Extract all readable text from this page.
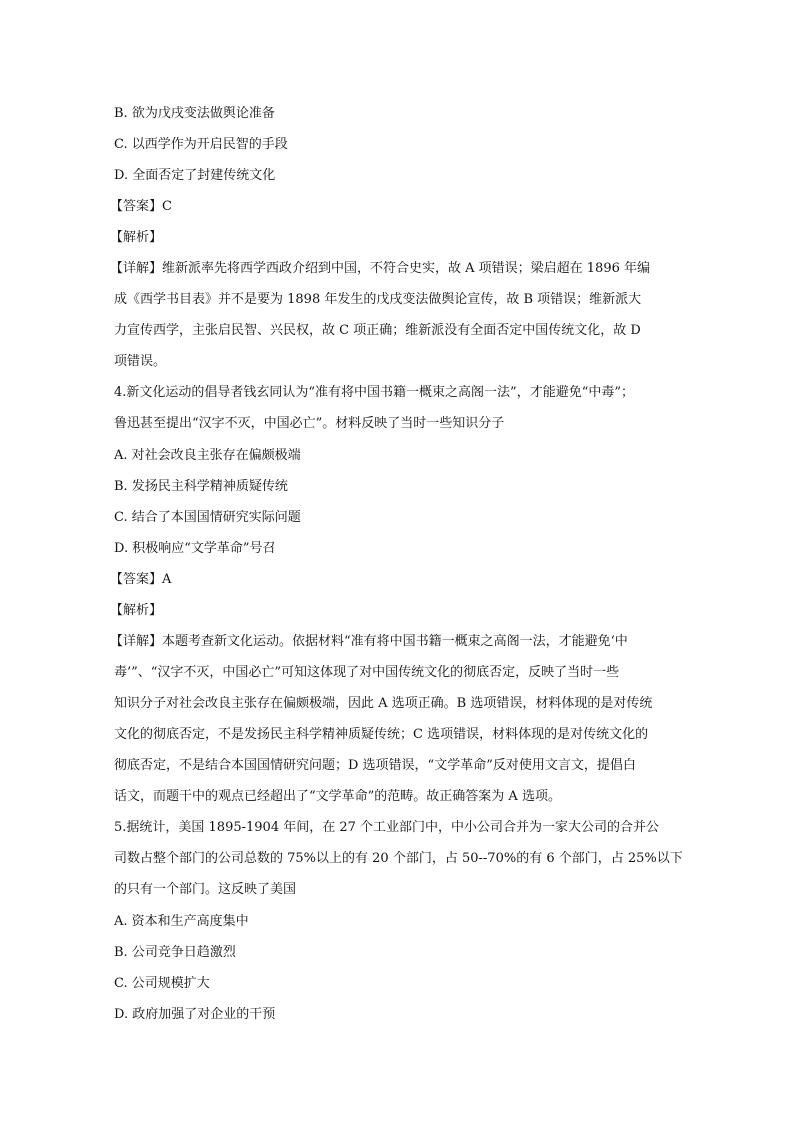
B. 欲为戊戌变法做舆论准备
C. 以西学作为开启民智的手段
D. 全面否定了封建传统文化
【答案】C
【解析】
【详解】维新派率先将西学西政介绍到中国，不符合史实，故 A 项错误；梁启超在 1896 年编
成《西学书目表》并不是要为 1898 年发生的戊戌变法做舆论宣传，故 B 项错误；维新派大
力宣传西学，主张启民智、兴民权，故 C 项正确；维新派没有全面否定中国传统文化，故 D
项错误。
4.新文化运动的倡导者钱玄同认为“准有将中国书籍一概束之高阁一法”，才能避免“中毒”；
鲁迅甚至提出“汉字不灭，中国必亡”。材料反映了当时一些知识分子
A. 对社会改良主张存在偏颇极端
B. 发扬民主科学精神质疑传统
C. 结合了本国国情研究实际问题
D. 积极响应“文学革命”号召
【答案】A
【解析】
【详解】本题考查新文化运动。依据材料“准有将中国书籍一概束之高阁一法，才能避免‘中
毒’”、“汉字不灭，中国必亡”可知这体现了对中国传统文化的彻底否定，反映了当时一些
知识分子对社会改良主张存在偏颇极端，因此 A 选项正确。B 选项错误，材料体现的是对传统
文化的彻底否定，不是发扬民主科学精神质疑传统；C 选项错误，材料体现的是对传统文化的
彻底否定，不是结合本国国情研究问题；D 选项错误，“文学革命”反对使用文言文，提倡白
话文，而题干中的观点已经超出了“文学革命”的范畴。故正确答案为 A 选项。
5.据统计，美国 1895-1904 年间，在 27 个工业部门中，中小公司合并为一家大公司的合并公
司数占整个部门的公司总数的 75%以上的有 20 个部门，占 50--70%的有 6 个部门，占 25%以下
的只有一个部门。这反映了美国
A. 资本和生产高度集中
B. 公司竞争日趋激烈
C. 公司规模扩大
D. 政府加强了对企业的干预
